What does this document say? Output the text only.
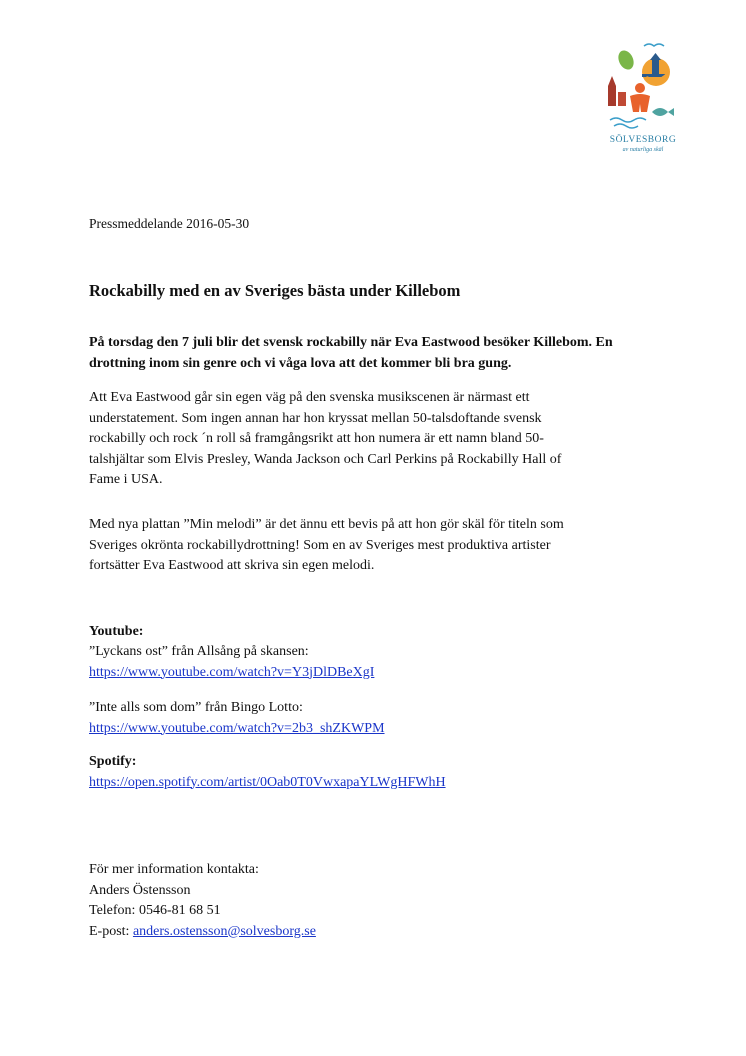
SÖLVESBORG
av naturliga skäl
Pressmeddelande 2016-05-30
Rockabilly med en av Sveriges bästa under Killebom
På torsdag den 7 juli blir det svensk rockabilly när Eva Eastwood besöker Killebom. En
drottning inom sin genre och vi våga lova att det kommer bli bra gung.
Att Eva Eastwood går sin egen väg på den svenska musikscenen är närmast ett
understatement. Som ingen annan har hon kryssat mellan 50-talsdoftande svensk
rockabilly och rock ´n roll så framgångsrikt att hon numera är ett namn bland 50-
talshjältar som Elvis Presley, Wanda Jackson och Carl Perkins på Rockabilly Hall of
Fame i USA.
Med nya plattan ”Min melodi” är det ännu ett bevis på att hon gör skäl för titeln som
Sveriges okrönta rockabillydrottning! Som en av Sveriges mest produktiva artister
fortsätter Eva Eastwood att skriva sin egen melodi.
Youtube:
”Lyckans ost” från Allsång på skansen:
https://www.youtube.com/watch?v=Y3jDlDBeXgI
”Inte alls som dom” från Bingo Lotto:
https://www.youtube.com/watch?v=2b3_shZKWPM
Spotify:
https://open.spotify.com/artist/0Oab0T0VwxapaYLWgHFWhH
För mer information kontakta:
Anders Östensson
Telefon: 0546-81 68 51
E-post: anders.ostensson@solvesborg.se
